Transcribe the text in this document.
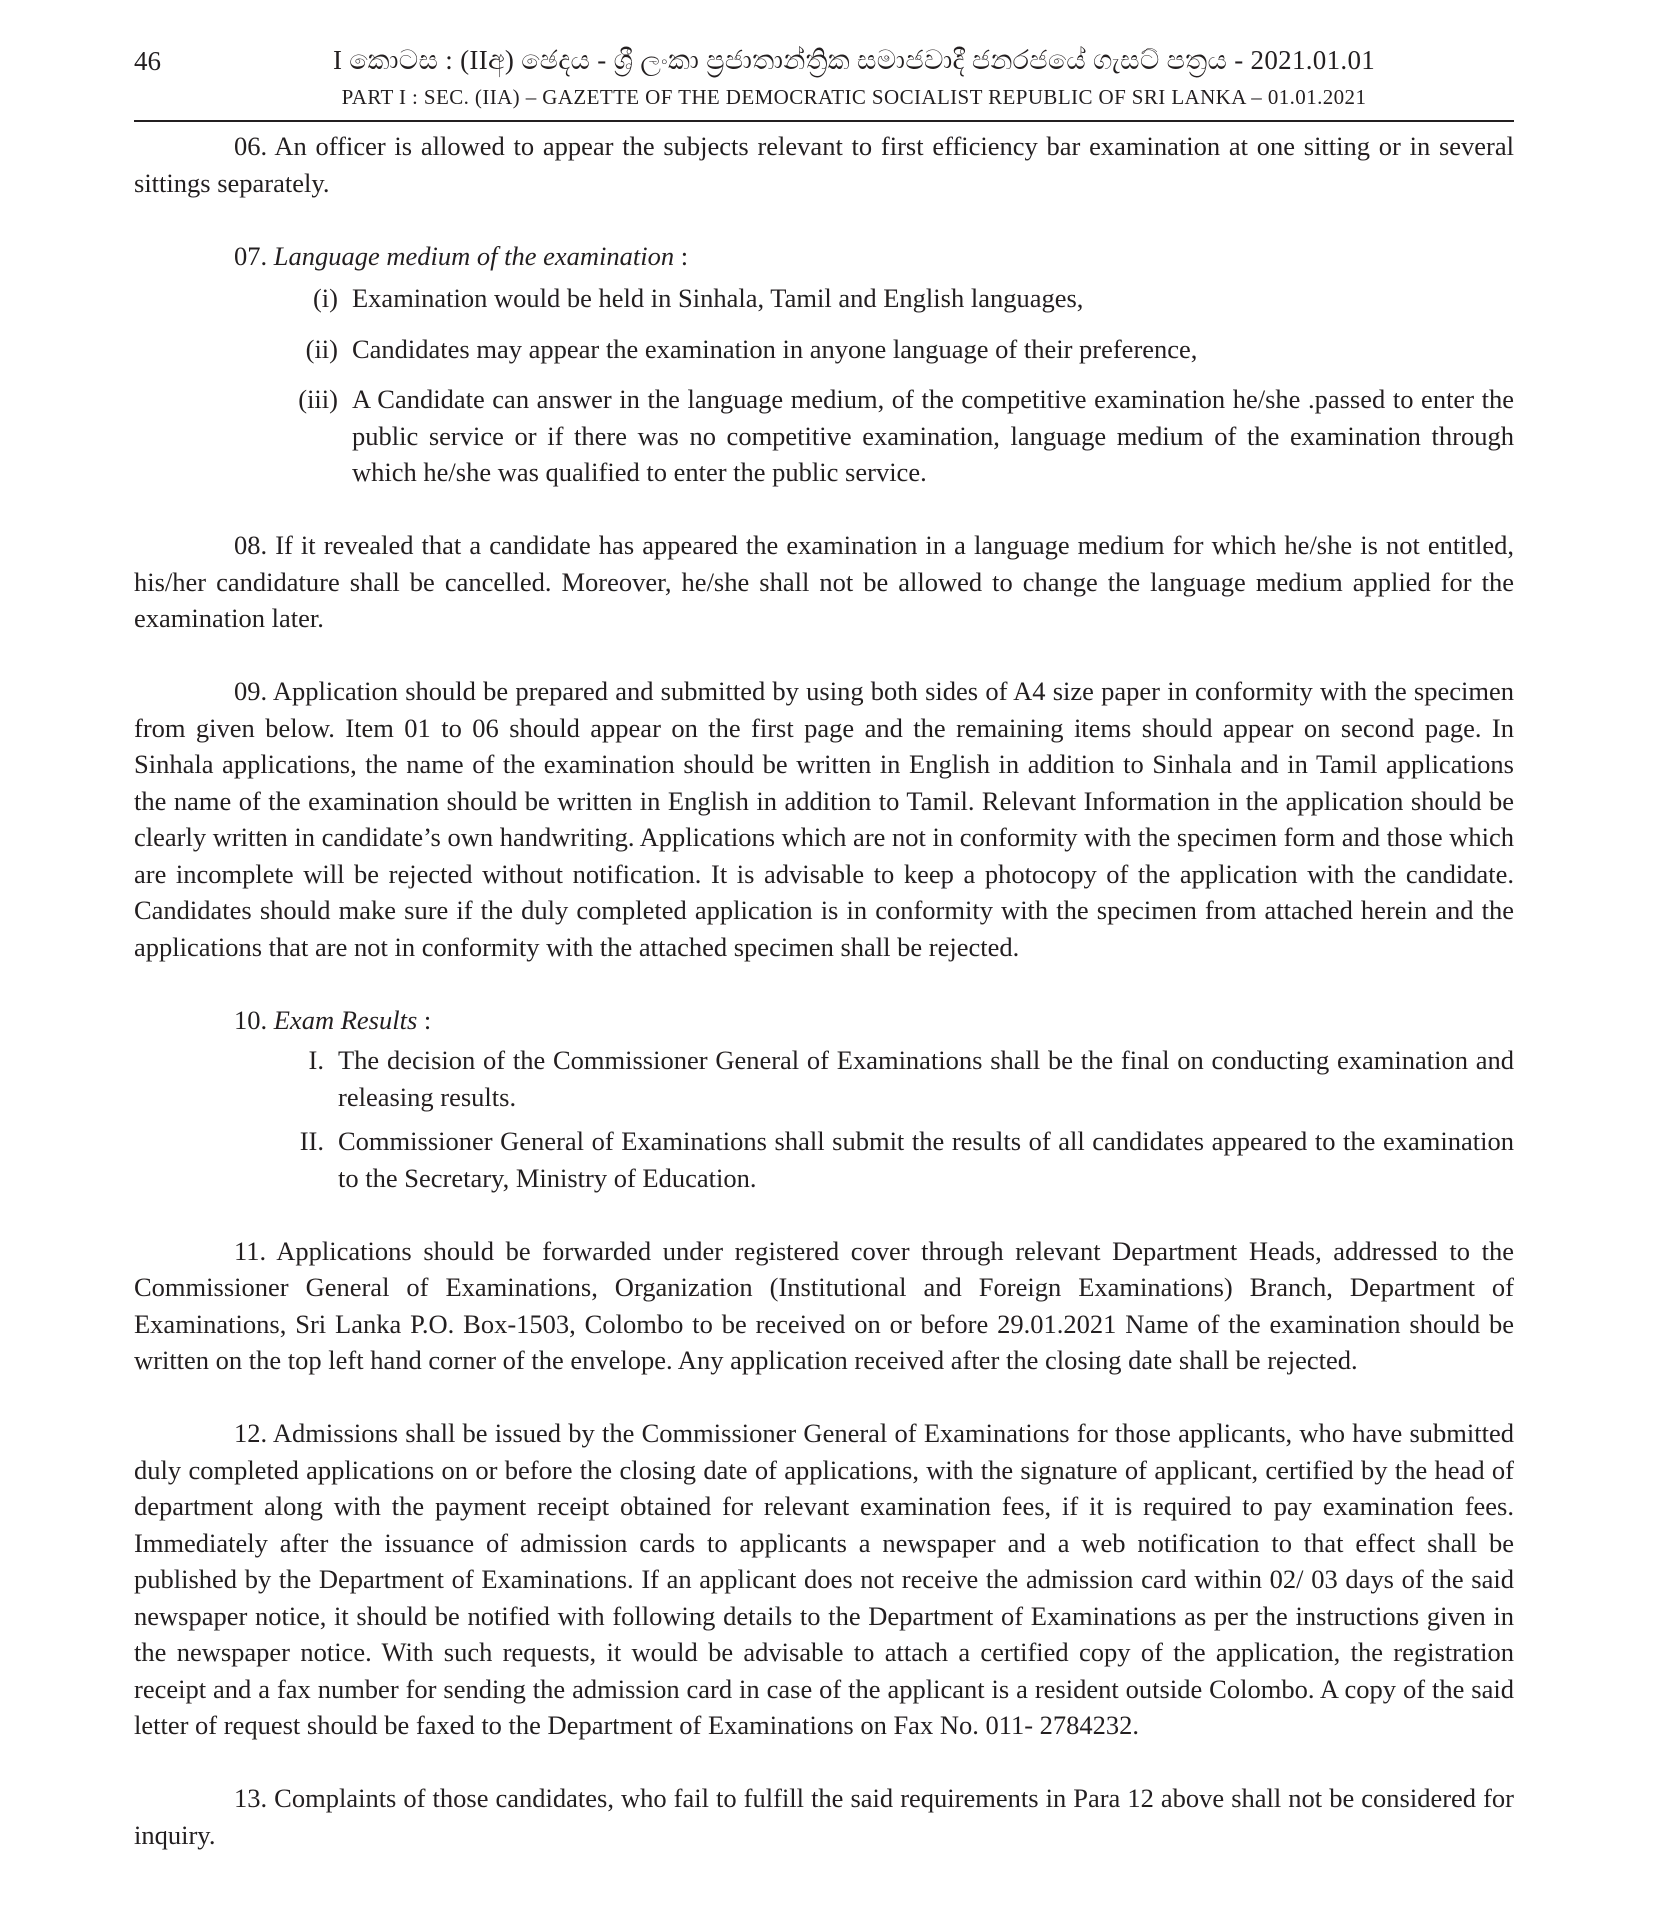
46	I කොටස : (IIඅ) ඡෙදය - ශ්‍රී ලංකා ප්‍රජාතාන්ත්‍රික සමාජවාදී ජනරජයේ ගැසට් පත්‍රය - 2021.01.01
PART I : SEC. (IIA) – GAZETTE OF THE DEMOCRATIC SOCIALIST REPUBLIC OF SRI LANKA – 01.01.2021

06. An officer is allowed to appear the subjects relevant to first efficiency bar examination at one sitting or in several sittings separately.

07. Language medium of the examination :

(i) Examination would be held in Sinhala, Tamil and English languages,
(ii) Candidates may appear the examination in anyone language of their preference,
(iii) A Candidate can answer in the language medium, of the competitive examination he/she .passed to enter the public service or if there was no competitive examination, language medium of the examination through which he/she was qualified to enter the public service.

08. If it revealed that a candidate has appeared the examination in a language medium for which he/she is not entitled, his/her candidature shall be cancelled. Moreover, he/she shall not be allowed to change the language medium applied for the examination later.

09. Application should be prepared and submitted by using both sides of A4 size paper in conformity with the specimen from given below. Item 01 to 06 should appear on the first page and the remaining items should appear on second page. In Sinhala applications, the name of the examination should be written in English in addition to Sinhala and in Tamil applications the name of the examination should be written in English in addition to Tamil. Relevant Information in the application should be clearly written in candidate’s own handwriting. Applications which are not in conformity with the specimen form and those which are incomplete will be rejected without notification. It is advisable to keep a photocopy of the application with the candidate. Candidates should make sure if the duly completed application is in conformity with the specimen from attached herein and the applications that are not in conformity with the attached specimen shall be rejected.

10. Exam Results :

I. The decision of the Commissioner General of Examinations shall be the final on conducting examination and releasing results.
II. Commissioner General of Examinations shall submit the results of all candidates appeared to the examination to the Secretary, Ministry of Education.

11. Applications should be forwarded under registered cover through relevant Department Heads, addressed to the Commissioner General of Examinations, Organization (Institutional and Foreign Examinations) Branch, Department of Examinations, Sri Lanka P.O. Box-1503, Colombo to be received on or before 29.01.2021 Name of the examination should be written on the top left hand corner of the envelope. Any application received after the closing date shall be rejected.

12. Admissions shall be issued by the Commissioner General of Examinations for those applicants, who have submitted duly completed applications on or before the closing date of applications, with the signature of applicant, certified by the head of department along with the payment receipt obtained for relevant examination fees, if it is required to pay examination fees. Immediately after the issuance of admission cards to applicants a newspaper and a web notification to that effect shall be published by the Department of Examinations. If an applicant does not receive the admission card within 02/ 03 days of the said newspaper notice, it should be notified with following details to the Department of Examinations as per the instructions given in the newspaper notice. With such requests, it would be advisable to attach a certified copy of the application, the registration receipt and a fax number for sending the admission card in case of the applicant is a resident outside Colombo. A copy of the said letter of request should be faxed to the Department of Examinations on Fax No. 011- 2784232.

13. Complaints of those candidates, who fail to fulfill the said requirements in Para 12 above shall not be considered for inquiry.
